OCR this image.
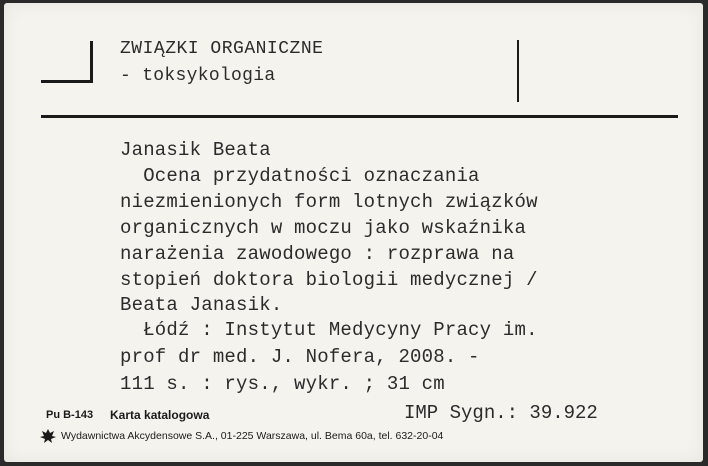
ZWIĄZKI ORGANICZNE
- toksykologia
Janasik Beata
Ocena przydatności oznaczania
niezmienionych form lotnych związków
organicznych w moczu jako wskaźnika
narażenia zawodowego : rozprawa na
stopień doktora biologii medycznej /
Beata Janasik.
Łódź : Instytut Medycyny Pracy im.
prof dr med. J. Nofera, 2008. -
111 s. : rys., wykr. ; 31 cm
Pu B-143 Karta katalogowa
Wydawnictwa Akcydensowe S.A., 01-225 Warszawa, ul. Bema 60a, tel. 632-20-04
IMP Sygn.: 39.922
